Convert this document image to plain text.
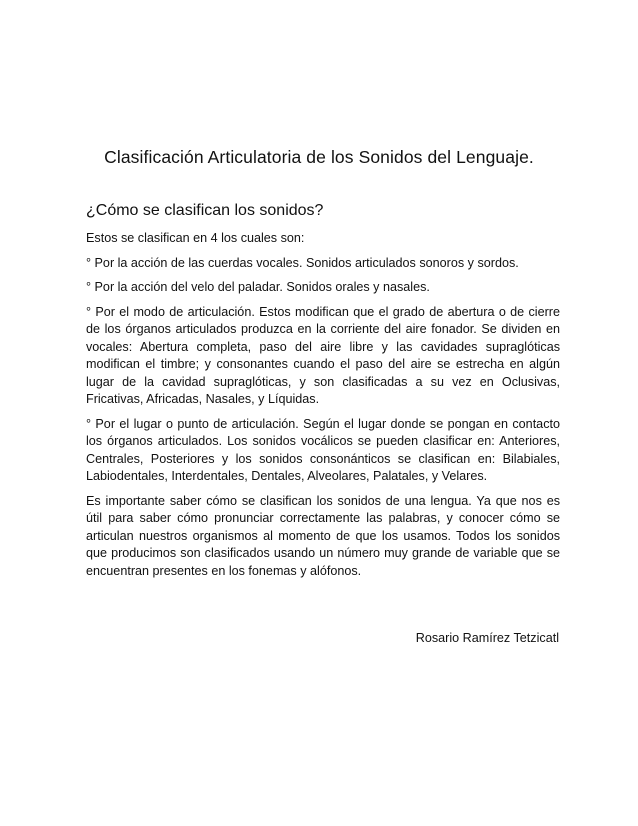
Clasificación Articulatoria de los Sonidos del Lenguaje.
¿Cómo se clasifican los sonidos?

Estos se clasifican en 4 los cuales son:

° Por la acción de las cuerdas vocales. Sonidos articulados sonoros y sordos.

° Por la acción del velo del paladar. Sonidos orales y nasales.

° Por el modo de articulación. Estos modifican que el grado de abertura o de cierre de los órganos articulados produzca en la corriente del aire fonador. Se dividen en vocales: Abertura completa, paso del aire libre y las cavidades supraglóticas modifican el timbre; y consonantes cuando el paso del aire se estrecha en algún lugar de la cavidad supraglóticas, y son clasificadas a su vez en Oclusivas, Fricativas, Africadas, Nasales, y Líquidas.

° Por el lugar o punto de articulación. Según el lugar donde se pongan en contacto los órganos articulados. Los sonidos vocálicos se pueden clasificar en: Anteriores, Centrales, Posteriores y los sonidos consonánticos se clasifican en: Bilabiales, Labiodentales, Interdentales, Dentales, Alveolares, Palatales, y Velares.

Es importante saber cómo se clasifican los sonidos de una lengua. Ya que nos es útil para saber cómo pronunciar correctamente las palabras, y conocer cómo se articulan nuestros organismos al momento de que los usamos. Todos los sonidos que producimos son clasificados usando un número muy grande de variable que se encuentran presentes en los fonemas y alófonos.

Rosario Ramírez Tetzicatl
